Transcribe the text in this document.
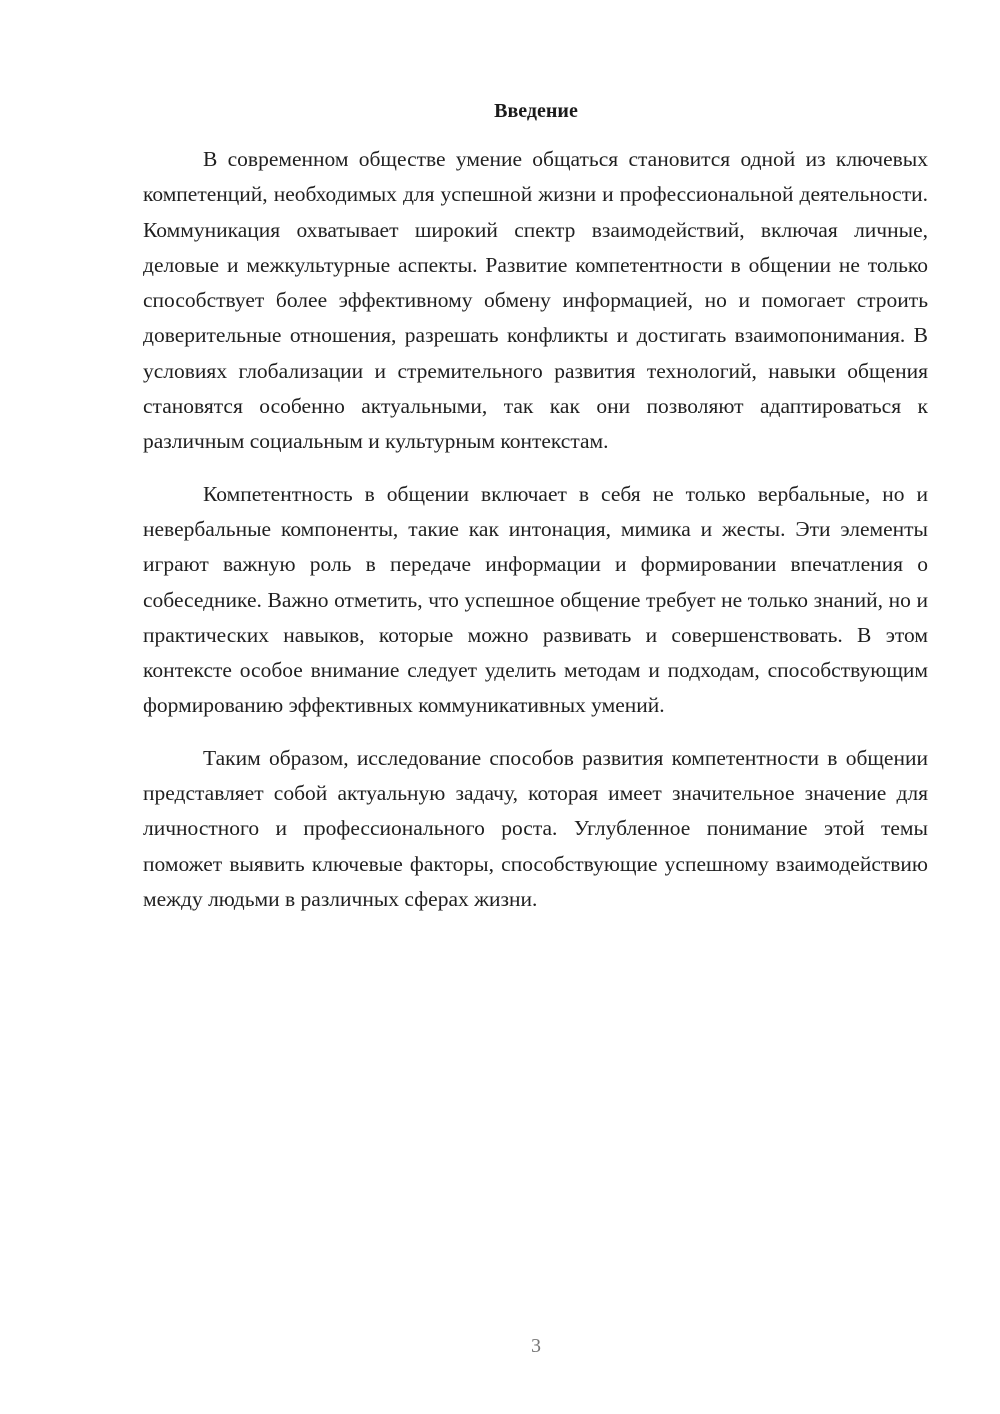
Введение

В современном обществе умение общаться становится одной из ключевых компетенций, необходимых для успешной жизни и профессиональной деятельности. Коммуникация охватывает широкий спектр взаимодействий, включая личные, деловые и межкультурные аспекты. Развитие компетентности в общении не только способствует более эффективному обмену информацией, но и помогает строить доверительные отношения, разрешать конфликты и достигать взаимопонимания. В условиях глобализации и стремительного развития технологий, навыки общения становятся особенно актуальными, так как они позволяют адаптироваться к различным социальным и культурным контекстам.

Компетентность в общении включает в себя не только вербальные, но и невербальные компоненты, такие как интонация, мимика и жесты. Эти элементы играют важную роль в передаче информации и формировании впечатления о собеседнике. Важно отметить, что успешное общение требует не только знаний, но и практических навыков, которые можно развивать и совершенствовать. В этом контексте особое внимание следует уделить методам и подходам, способствующим формированию эффективных коммуникативных умений.

Таким образом, исследование способов развития компетентности в общении представляет собой актуальную задачу, которая имеет значительное значение для личностного и профессионального роста. Углубленное понимание этой темы поможет выявить ключевые факторы, способствующие успешному взаимодействию между людьми в различных сферах жизни.

3
